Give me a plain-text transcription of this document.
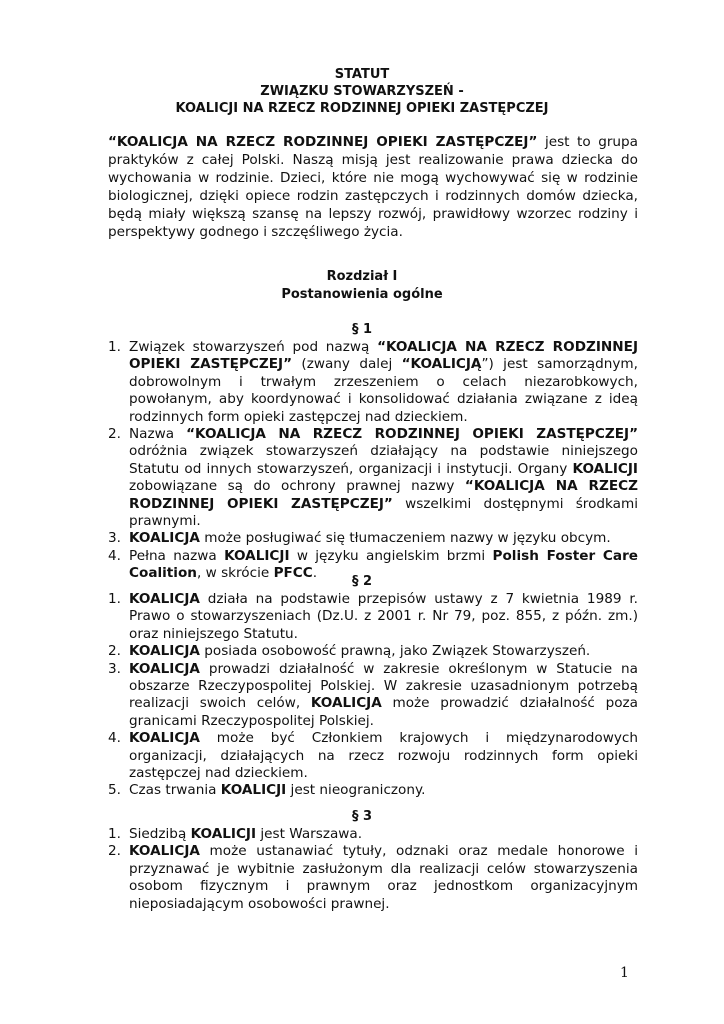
STATUT
ZWIĄZKU STOWARZYSZEŃ -
KOALICJI NA RZECZ RODZINNEJ OPIEKI ZASTĘPCZEJ
“KOALICJA NA RZECZ RODZINNEJ OPIEKI ZASTĘPCZEJ” jest to grupa praktyków z całej Polski. Naszą misją jest realizowanie prawa dziecka do wychowania w rodzinie. Dzieci, które nie mogą wychowywać się w rodzinie biologicznej, dzięki opiece rodzin zastępczych i rodzinnych domów dziecka, będą miały większą szansę na lepszy rozwój, prawidłowy wzorzec rodziny i perspektywy godnego i szczęśliwego życia.
Rozdział I
Postanowienia ogólne
§ 1
1. Związek stowarzyszeń pod nazwą “KOALICJA NA RZECZ RODZINNEJ OPIEKI ZASTĘPCZEJ” (zwany dalej “KOALICJĄ”) jest samorządnym, dobrowolnym i trwałym zrzeszeniem o celach niezarobkowych, powołanym, aby koordynować i konsolidować działania związane z ideą rodzinnych form opieki zastępczej nad dzieckiem.
2. Nazwa “KOALICJA NA RZECZ RODZINNEJ OPIEKI ZASTĘPCZEJ” odróżnia związek stowarzyszeń działający na podstawie niniejszego Statutu od innych stowarzyszeń, organizacji i instytucji. Organy KOALICJI zobowiązane są do ochrony prawnej nazwy “KOALICJA NA RZECZ RODZINNEJ OPIEKI ZASTĘPCZEJ” wszelkimi dostępnymi środkami prawnymi.
3. KOALICJA może posługiwać się tłumaczeniem nazwy w języku obcym.
4. Pełna nazwa KOALICJI w języku angielskim brzmi Polish Foster Care Coalition, w skrócie PFCC.
§ 2
1. KOALICJA działa na podstawie przepisów ustawy z 7 kwietnia 1989 r. Prawo o stowarzyszeniach (Dz.U. z 2001 r. Nr 79, poz. 855, z późn. zm.) oraz niniejszego Statutu.
2. KOALICJA posiada osobowość prawną, jako Związek Stowarzyszeń.
3. KOALICJA prowadzi działalność w zakresie określonym w Statucie na obszarze Rzeczypospolitej Polskiej. W zakresie uzasadnionym potrzebą realizacji swoich celów, KOALICJA może prowadzić działalność poza granicami Rzeczypospolitej Polskiej.
4. KOALICJA może być Członkiem krajowych i międzynarodowych organizacji, działających na rzecz rozwoju rodzinnych form opieki zastępczej nad dzieckiem.
5. Czas trwania KOALICJI jest nieograniczony.
§ 3
1. Siedzibą KOALICJI jest Warszawa.
2. KOALICJA może ustanawiać tytuły, odznaki oraz medale honorowe i przyznawać je wybitnie zasłużonym dla realizacji celów stowarzyszenia osobom fizycznym i prawnym oraz jednostkom organizacyjnym nieposiadającym osobowości prawnej.
1
